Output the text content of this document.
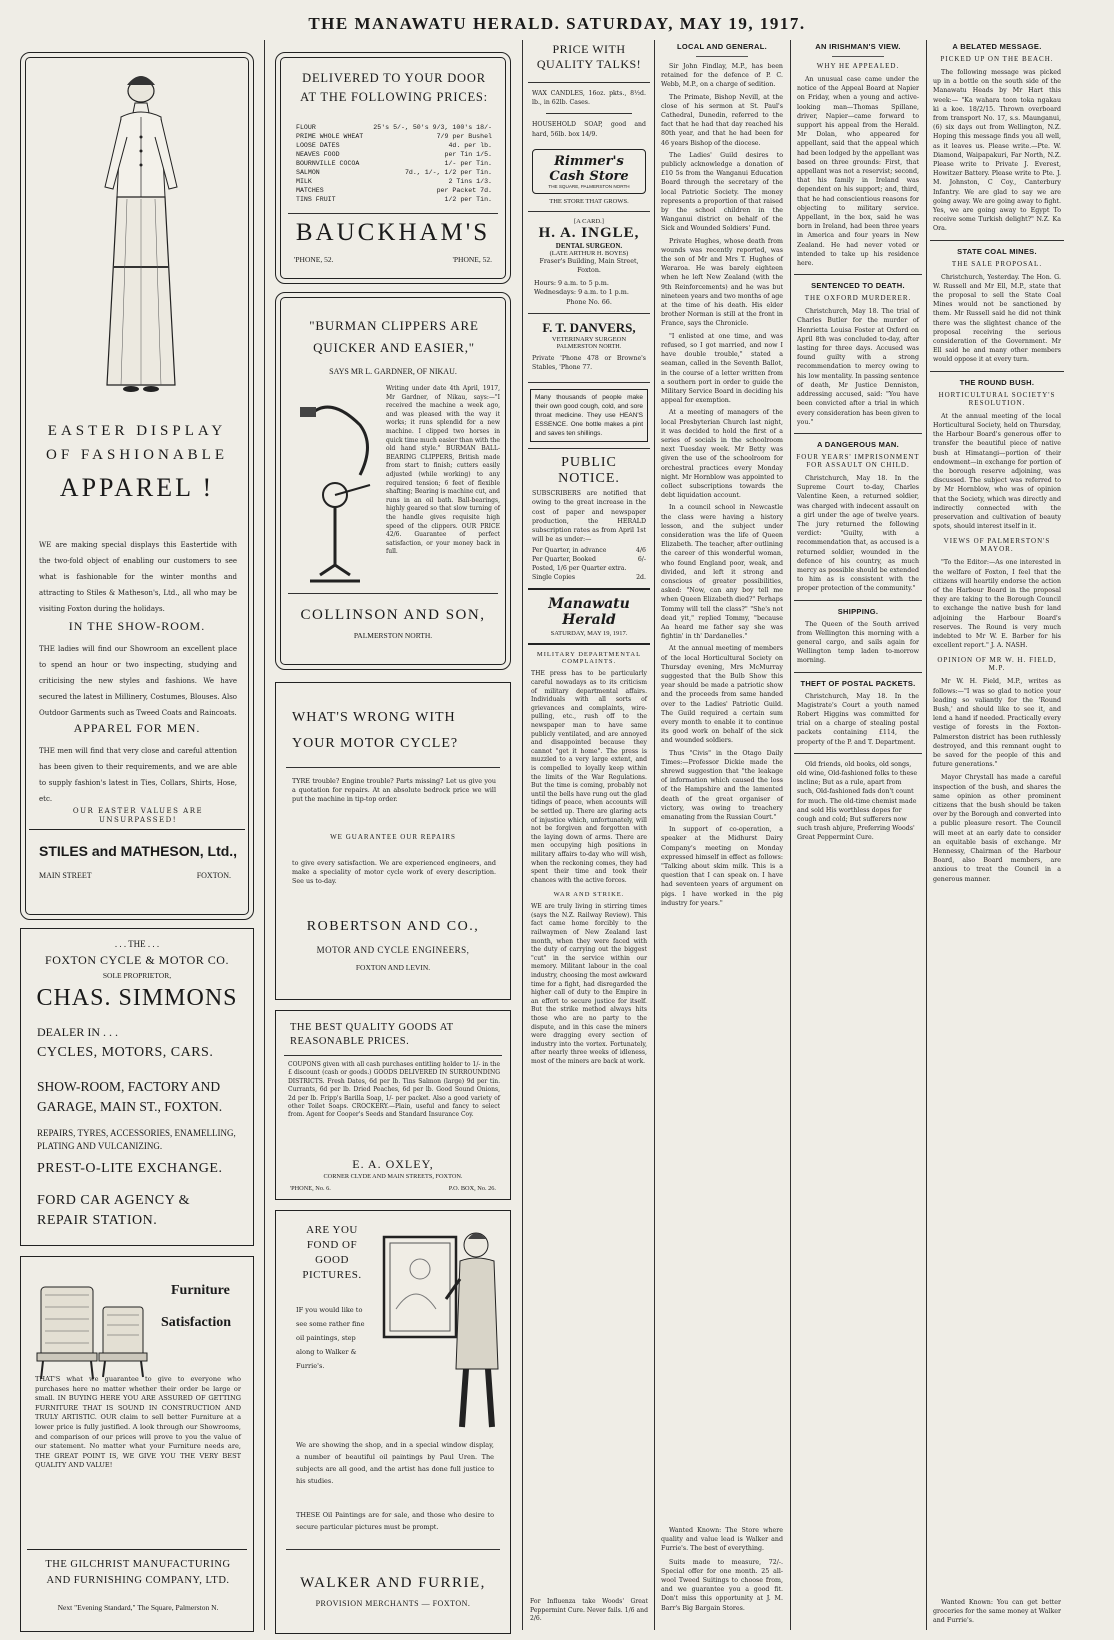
THE MANAWATU HERALD. SATURDAY, MAY 19, 1917.
EASTER DISPLAY
OF FASHIONABLE
APPAREL !
WE are making special displays this Eastertide with the two-fold object of enabling our customers to see what is fashionable for the winter months and attracting to Stiles & Matheson's, Ltd., all who may be visiting Foxton during the holidays.
IN THE SHOW-ROOM.
THE ladies will find our Showroom an excellent place to spend an hour or two inspecting, studying and criticising the new styles and fashions. We have secured the latest in Millinery, Costumes, Blouses. Also Outdoor Garments such as Tweed Coats and Raincoats.
APPAREL FOR MEN.
THE men will find that very close and careful attention has been given to their requirements, and we are able to supply fashion's latest in Ties, Collars, Shirts, Hose, etc.
OUR EASTER VALUES ARE UNSURPASSED!
STILES and MATHESON, Ltd.,
MAIN STREET	FOXTON.
. . . THE . . .
FOXTON CYCLE & MOTOR CO.
SOLE PROPRIETOR,
CHAS. SIMMONS
DEALER IN . . .
CYCLES, MOTORS, CARS.
SHOW-ROOM, FACTORY AND GARAGE, MAIN ST., FOXTON.
REPAIRS, TYRES, ACCESSORIES, ENAMELLING, PLATING AND VULCANIZING.
PREST-O-LITE EXCHANGE.
FORD CAR AGENCY & REPAIR STATION.
Furniture
Satisfaction
THAT'S what we guarantee to give to everyone who purchases here no matter whether their order be large or small. IN BUYING HERE YOU ARE ASSURED OF GETTING FURNITURE THAT IS SOUND IN CONSTRUCTION AND TRULY ARTISTIC. OUR claim to sell better Furniture at a lower price is fully justified. A look through our Showrooms, and comparison of our prices will prove to you the value of our statement. No matter what your Furniture needs are, THE GREAT POINT IS, WE GIVE YOU THE VERY BEST QUALITY AND VALUE!
THE GILCHRIST MANUFACTURING AND FURNISHING COMPANY, LTD.
Next "Evening Standard," The Square, Palmerston N.
DELIVERED TO YOUR DOOR AT THE FOLLOWING PRICES:
FLOUR	25's 5/-, 50's 9/3, 100's 18/-
PRIME WHOLE WHEAT	7/9 per Bushel
LOOSE DATES	4d. per lb.
NEAVES FOOD	per Tin 1/5.
BOURNVILLE COCOA	1/- per Tin.
SALMON	7d., 1/-, 1/2 per Tin.
MILK	2 Tins 1/3.
MATCHES	per Packet 7d.
TINS FRUIT	1/2 per Tin.
BAUCKHAM'S
'PHONE, 52.	'PHONE, 52.
"BURMAN CLIPPERS ARE QUICKER AND EASIER,"
SAYS MR L. GARDNER, OF NIKAU.
Writing under date 4th April, 1917, Mr Gardner, of Nikau, says:—"I received the machine a week ago, and was pleased with the way it works; it runs splendid for a new machine. I clipped two horses in quick time much easier than with the old hand style." BURMAN BALL-BEARING CLIPPERS, British made from start to finish; cutters easily adjusted (while working) to any required tension; 6 feet of flexible shafting; Bearing is machine cut, and runs in an oil bath. Ball-bearings, highly geared so that slow turning of the handle gives requisite high speed of the clippers. OUR PRICE 42/6. Guarantee of perfect satisfaction, or your money back in full.
COLLINSON AND SON,
PALMERSTON NORTH.
WHAT'S WRONG WITH YOUR MOTOR CYCLE?
TYRE trouble? Engine trouble? Parts missing? Let us give you a quotation for repairs. At an absolute bedrock price we will put the machine in tip-top order.
WE GUARANTEE OUR REPAIRS
to give every satisfaction. We are experienced engineers, and make a speciality of motor cycle work of every description. See us to-day.
ROBERTSON AND CO.,
MOTOR AND CYCLE ENGINEERS,
FOXTON AND LEVIN.
THE BEST QUALITY GOODS AT REASONABLE PRICES.
COUPONS given with all cash purchases entitling holder to 1/- in the £ discount (cash or goods.) GOODS DELIVERED IN SURROUNDING DISTRICTS. Fresh Dates, 6d per lb. Tins Salmon (large) 9d per tin. Currants, 6d per lb. Dried Peaches, 6d per lb. Good Sound Onions, 2d per lb. Fripp's Barilla Soap, 1/- per packet. Also a good variety of other Toilet Soaps. CROCKERY.—Plain, useful and fancy to select from. Agent for Cooper's Seeds and Standard Insurance Coy.
E. A. OXLEY,
CORNER CLYDE AND MAIN STREETS, FOXTON.
'PHONE, No. 6.	P.O. BOX, No. 26.
ARE YOU FOND OF GOOD PICTURES.
IF you would like to see some rather fine oil paintings, step along to Walker & Furrie's.
We are showing the shop, and in a special window display, a number of beautiful oil paintings by Paul Uren. The subjects are all good, and the artist has done full justice to his studies.
THESE Oil Paintings are for sale, and those who desire to secure particular pictures must be prompt.
WALKER AND FURRIE,
PROVISION MERCHANTS — FOXTON.
PRICE WITH QUALITY TALKS!
WAX CANDLES, 16oz. pkts., 8½d. lb., in 62lb. Cases.
HOUSEHOLD SOAP, good and hard, 56lb. box 14/9.
Rimmer's Cash Store
THE SQUARE, PALMERSTON NORTH
THE STORE THAT GROWS.
[A CARD.]
H. A. INGLE,
DENTAL SURGEON.
(LATE ARTHUR H. BOYES)
Fraser's Building, Main Street, Foxton.
Hours: 9 a.m. to 5 p.m. Wednesdays: 9 a.m. to 1 p.m.
Phone No. 66.
F. T. DANVERS,
VETERINARY SURGEON
PALMERSTON NORTH.
Private 'Phone 478 or Browne's Stables, 'Phone 77.
Many thousands of people make their own good cough, cold, and sore throat medicine. They use HEAN'S ESSENCE. One bottle makes a pint and saves ten shillings.
PUBLIC NOTICE.
SUBSCRIBERS are notified that owing to the great increase in the cost of paper and newspaper production, the HERALD subscription rates as from April 1st will be as under:—
Per Quarter, in advance	4/6
Per Quarter, Booked	6/-
Posted, 1/6 per Quarter extra.
Single Copies	2d.
Manawatu Herald
SATURDAY, MAY 19, 1917.
MILITARY DEPARTMENTAL COMPLAINTS.
THE press has to be particularly careful nowadays as to its criticism of military departmental affairs. Individuals with all sorts of grievances and complaints, wire-pulling, etc., rush off to the newspaper man to have same publicly ventilated, and are annoyed and disappointed because they cannot "get it home". The press is muzzled to a very large extent, and is compelled to loyally keep within the limits of the War Regulations. But the time is coming, probably not until the bells have rung out the glad tidings of peace, when accounts will be settled up. There are glaring acts of injustice which, unfortunately, will not be forgiven and forgotten with the laying down of arms. There are men occupying high positions in military affairs to-day who will wish, when the reckoning comes, they had spent their time and took their chances with the active forces.
WAR AND STRIKE.
WE are truly living in stirring times (says the N.Z. Railway Review). This fact came home forcibly to the railwaymen of New Zealand last month, when they were faced with the duty of carrying out the biggest "cut" in the service within our memory. Militant labour in the coal industry, choosing the most awkward time for a fight, had disregarded the higher call of duty to the Empire in an effort to secure justice for itself. But the strike method always hits those who are no party to the dispute, and in this case the miners were dragging every section of industry into the vortex. Fortunately, after nearly three weeks of idleness, most of the miners are back at work.
For Influenza take Woods' Great Peppermint Cure. Never fails. 1/6 and 2/6.
LOCAL AND GENERAL.

Sir John Findlay, M.P., has been retained for the defence of P. C. Webb, M.P., on a charge of sedition.

The Primate, Bishop Nevill, at the close of his sermon at St. Paul's Cathedral, Dunedin, referred to the fact that he had that day reached his 80th year, and that he had been for 46 years Bishop of the diocese.

The Ladies' Guild desires to publicly acknowledge a donation of £10 5s from the Wanganui Education Board through the secretary of the local Patriotic Society. The money represents a proportion of that raised by the school children in the Wanganui district on behalf of the Sick and Wounded Soldiers' Fund.

Private Hughes, whose death from wounds was recently reported, was the son of Mr and Mrs T. Hughes of Weraroa. He was barely eighteen when he left New Zealand (with the 9th Reinforcements) and he was but nineteen years and two months of age at the time of his death. His elder brother Norman is still at the front in France, says the Chronicle.

"I enlisted at one time, and was refused, so I got married, and now I have double trouble," stated a seaman, called in the Seventh Ballot, in the course of a letter written from a southern port in order to guide the Military Service Board in deciding his appeal for exemption.

At a meeting of managers of the local Presbyterian Church last night, it was decided to hold the first of a series of socials in the schoolroom next Tuesday week. Mr Betty was given the use of the schoolroom for orchestral practices every Monday night. Mr Hornblow was appointed to collect subscriptions towards the debt liquidation account.

In a council school in Newcastle the class were having a history lesson, and the subject under consideration was the life of Queen Elizabeth. The teacher, after outlining the career of this wonderful woman, who found England poor, weak, and divided, and left it strong and conscious of greater possibilities, asked: "Now, can any boy tell me when Queen Elizabeth died?" Perhaps Tommy will tell the class?" "She's not dead yit," replied Tommy, "because Aa heard me father say she was fightin' in th' Dardanelles."

At the annual meeting of members of the local Horticultural Society on Thursday evening, Mrs McMurray suggested that the Bulb Show this year should be made a patriotic show and the proceeds from same handed over to the Ladies' Patriotic Guild. The Guild required a certain sum every month to enable it to continue its good work on behalf of the sick and wounded soldiers.

Thus "Civis" in the Otago Daily Times:—Professor Dickie made the shrewd suggestion that "the leakage of information which caused the loss of the Hampshire and the lamented death of the great organiser of victory, was owing to treachery emanating from the Russian Court."

In support of co-operation, a speaker at the Midhurst Dairy Company's meeting on Monday expressed himself in effect as follows: "Talking about skim milk. This is a question that I can speak on. I have had seventeen years of argument on pigs. I have worked in the pig industry for years."

Wanted Known: The Store where quality and value lead is Walker and Furrie's. The best of everything.

Suits made to measure, 72/-. Special offer for one month. 25 all-wool Tweed Suitings to choose from, and we guarantee you a good fit. Don't miss this opportunity at J. M. Barr's Big Bargain Stores.

AN IRISHMAN'S VIEW.
WHY HE APPEALED.

An unusual case came under the notice of the Appeal Board at Napier on Friday, when a young and active-looking man—Thomas Spillane, driver, Napier—came forward to support his appeal from the Herald. Mr Dolan, who appeared for appellant, said that the appeal which had been lodged by the appellant was based on three grounds: First, that appellant was not a reservist; second, that his family in Ireland was dependent on his support; and, third, that he had conscientious reasons for objecting to military service. Appellant, in the box, said he was born in Ireland, had been three years in America and four years in New Zealand. He had never voted or intended to take up his residence here.

SENTENCED TO DEATH.
THE OXFORD MURDERER.

Christchurch, May 18. The trial of Charles Butler for the murder of Henrietta Louisa Foster at Oxford on April 8th was concluded to-day, after lasting for three days. Accused was found guilty with a strong recommendation to mercy owing to his low mentality. In passing sentence of death, Mr Justice Denniston, addressing accused, said: "You have been convicted after a trial in which every consideration has been given to you."

A DANGEROUS MAN.
FOUR YEARS' IMPRISONMENT FOR ASSAULT ON CHILD.

Christchurch, May 18. In the Supreme Court to-day, Charles Valentine Keen, a returned soldier, was charged with indecent assault on a girl under the age of twelve years. The jury returned the following verdict: "Guilty, with a recommendation that, as accused is a returned soldier, wounded in the defence of his country, as much mercy as possible should be extended to him as is consistent with the proper protection of the community."

SHIPPING.

The Queen of the South arrived from Wellington this morning with a general cargo, and sails again for Wellington temp laden to-morrow morning.

THEFT OF POSTAL PACKETS.

Christchurch, May 18. In the Magistrate's Court a youth named Robert Higgins was committed for trial on a charge of stealing postal packets containing £114, the property of the P. and T. Department.

Old friends, old books, old songs, old wine, Old-fashioned folks to these incline; But as a rule, apart from such, Old-fashioned fads don't count for much. The old-time chemist made and sold His worthless dopes for cough and cold; But sufferers now such trash abjure, Preferring Woods' Great Peppermint Cure.

A BELATED MESSAGE.
PICKED UP ON THE BEACH.

The following message was picked up in a bottle on the south side of the Manawatu Heads by Mr Hart this week:— "Ka wahara toon toka ngakau ki a koe. 18/2/15. Thrown overboard from transport No. 17, s.s. Maunganui, (6) six days out from Wellington, N.Z. Hoping this message finds you all well, as it leaves us. Please write.—Pte. W. Diamond, Waipapakuri, Far North, N.Z. Please write to Private J. Everest, Howitzer Battery. Please write to Pte. J. M. Johnston, C Coy., Canterbury Infantry. We are glad to say we are going away. We are going away to fight. Yes, we are going away to Egypt To receive some Turkish delight?" N.Z. Ka Ora.

STATE COAL MINES.
THE SALE PROPOSAL.

Christchurch, Yesterday. The Hon. G. W. Russell and Mr Ell, M.P., state that the proposal to sell the State Coal Mines would not be sanctioned by them. Mr Russell said he did not think there was the slightest chance of the proposal receiving the serious consideration of the Government. Mr Ell said he and many other members would oppose it at every turn.

THE ROUND BUSH.
HORTICULTURAL SOCIETY'S RESOLUTION.

At the annual meeting of the local Horticultural Society, held on Thursday, the Harbour Board's generous offer to transfer the beautiful piece of native bush at Himatangi—portion of their endowment—in exchange for portion of the borough reserve adjoining, was discussed. The subject was referred to by Mr Hornblow, who was of opinion that the Society, which was directly and indirectly connected with the preservation and cultivation of beauty spots, should interest itself in it.

VIEWS OF PALMERSTON'S MAYOR.

"To the Editor:—As one interested in the welfare of Foxton, I feel that the citizens will heartily endorse the action of the Harbour Board in the proposal they are taking to the Borough Council to exchange the native bush for land adjoining the Harbour Board's reserves. The Round is very much indebted to Mr W. E. Barber for his excellent report." J. A. NASH.

OPINION OF MR W. H. FIELD, M.P.

Mr W. H. Field, M.P., writes as follows:—"I was so glad to notice your leading so valiantly for the 'Round Bush,' and should like to see it, and lend a hand if needed. Practically every vestige of forests in the Foxton-Palmerston district has been ruthlessly destroyed, and this remnant ought to be saved for the people of this and future generations."

Mayor Chrystall has made a careful inspection of the bush, and shares the same opinion as other prominent citizens that the bush should be taken over by the Borough and converted into a public pleasure resort. The Council will meet at an early date to consider an equitable basis of exchange. Mr Hennessy, Chairman of the Harbour Board, also Board members, are anxious to treat the Council in a generous manner.

Wanted Known: You can get better groceries for the same money at Walker and Furrie's.
